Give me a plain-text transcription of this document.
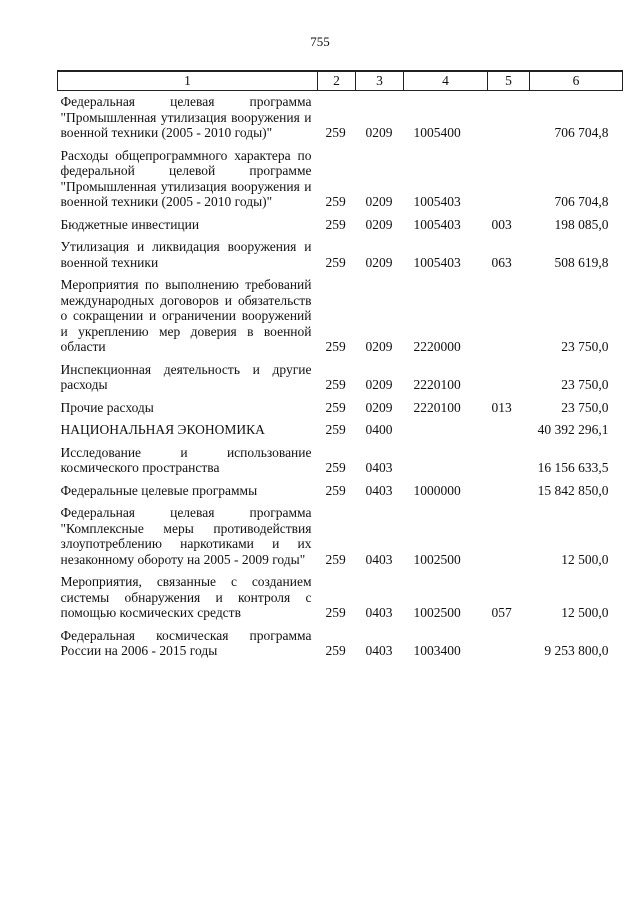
755
1	2	3	4	5	6
Федеральная целевая программа "Промышленная утилизация вооружения и военной техники (2005 - 2010 годы)"	259	0209	1005400		706 704,8
Расходы общепрограммного характера по федеральной целевой программе "Промышленная утилизация вооружения и военной техники (2005 - 2010 годы)"	259	0209	1005403		706 704,8
Бюджетные инвестиции	259	0209	1005403	003	198 085,0
Утилизация и ликвидация вооружения и военной техники	259	0209	1005403	063	508 619,8
Мероприятия по выполнению требований международных договоров и обязательств о сокращении и ограничении вооружений и укреплению мер доверия в военной области	259	0209	2220000		23 750,0
Инспекционная деятельность и другие расходы	259	0209	2220100		23 750,0
Прочие расходы	259	0209	2220100	013	23 750,0
НАЦИОНАЛЬНАЯ ЭКОНОМИКА	259	0400			40 392 296,1
Исследование и использование космического пространства	259	0403			16 156 633,5
Федеральные целевые программы	259	0403	1000000		15 842 850,0
Федеральная целевая программа "Комплексные меры противодействия злоупотреблению наркотиками и их незаконному обороту на 2005 - 2009 годы"	259	0403	1002500		12 500,0
Мероприятия, связанные с созданием системы обнаружения и контроля с помощью космических средств	259	0403	1002500	057	12 500,0
Федеральная космическая программа России на 2006 - 2015 годы	259	0403	1003400		9 253 800,0
